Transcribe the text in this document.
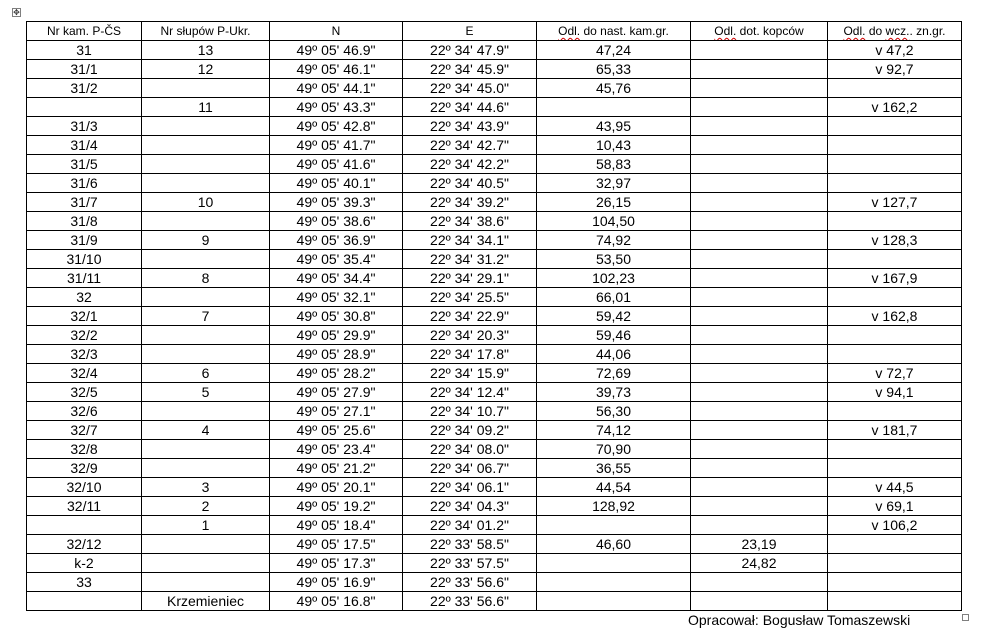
✥
Nr kam. P-ČS	Nr słupów P-Ukr.	N	E	Odl. do nast. kam.gr.	Odl. dot. kopców	Odl. do wcz.. zn.gr.
31	13	49º 05' 46.9"	22º 34' 47.9"	47,24		v 47,2
31/1	12	49º 05' 46.1"	22º 34' 45.9"	65,33		v 92,7
31/2		49º 05' 44.1"	22º 34' 45.0"	45,76		
	11	49º 05' 43.3"	22º 34' 44.6"			v 162,2
31/3		49º 05' 42.8"	22º 34' 43.9"	43,95		
31/4		49º 05' 41.7"	22º 34' 42.7"	10,43		
31/5		49º 05' 41.6"	22º 34' 42.2"	58,83		
31/6		49º 05' 40.1"	22º 34' 40.5"	32,97		
31/7	10	49º 05' 39.3"	22º 34' 39.2"	26,15		v 127,7
31/8		49º 05' 38.6"	22º 34' 38.6"	104,50		
31/9	9	49º 05' 36.9"	22º 34' 34.1"	74,92		v 128,3
31/10		49º 05' 35.4"	22º 34' 31.2"	53,50		
31/11	8	49º 05' 34.4"	22º 34' 29.1"	102,23		v 167,9
32		49º 05' 32.1"	22º 34' 25.5"	66,01		
32/1	7	49º 05' 30.8"	22º 34' 22.9"	59,42		v 162,8
32/2		49º 05' 29.9"	22º 34' 20.3"	59,46		
32/3		49º 05' 28.9"	22º 34' 17.8"	44,06		
32/4	6	49º 05' 28.2"	22º 34' 15.9"	72,69		v 72,7
32/5	5	49º 05' 27.9"	22º 34' 12.4"	39,73		v 94,1
32/6		49º 05' 27.1"	22º 34' 10.7"	56,30		
32/7	4	49º 05' 25.6"	22º 34' 09.2"	74,12		v 181,7
32/8		49º 05' 23.4"	22º 34' 08.0"	70,90		
32/9		49º 05' 21.2"	22º 34' 06.7"	36,55		
32/10	3	49º 05' 20.1"	22º 34' 06.1"	44,54		v 44,5
32/11	2	49º 05' 19.2"	22º 34' 04.3"	128,92		v 69,1
	1	49º 05' 18.4"	22º 34' 01.2"			v 106,2
32/12		49º 05' 17.5"	22º 33' 58.5"	46,60	23,19	
k-2		49º 05' 17.3"	22º 33' 57.5"		24,82	
33		49º 05' 16.9"	22º 33' 56.6"			
	Krzemieniec	49º 05' 16.8"	22º 33' 56.6"			
Opracował: Bogusław Tomaszewski
